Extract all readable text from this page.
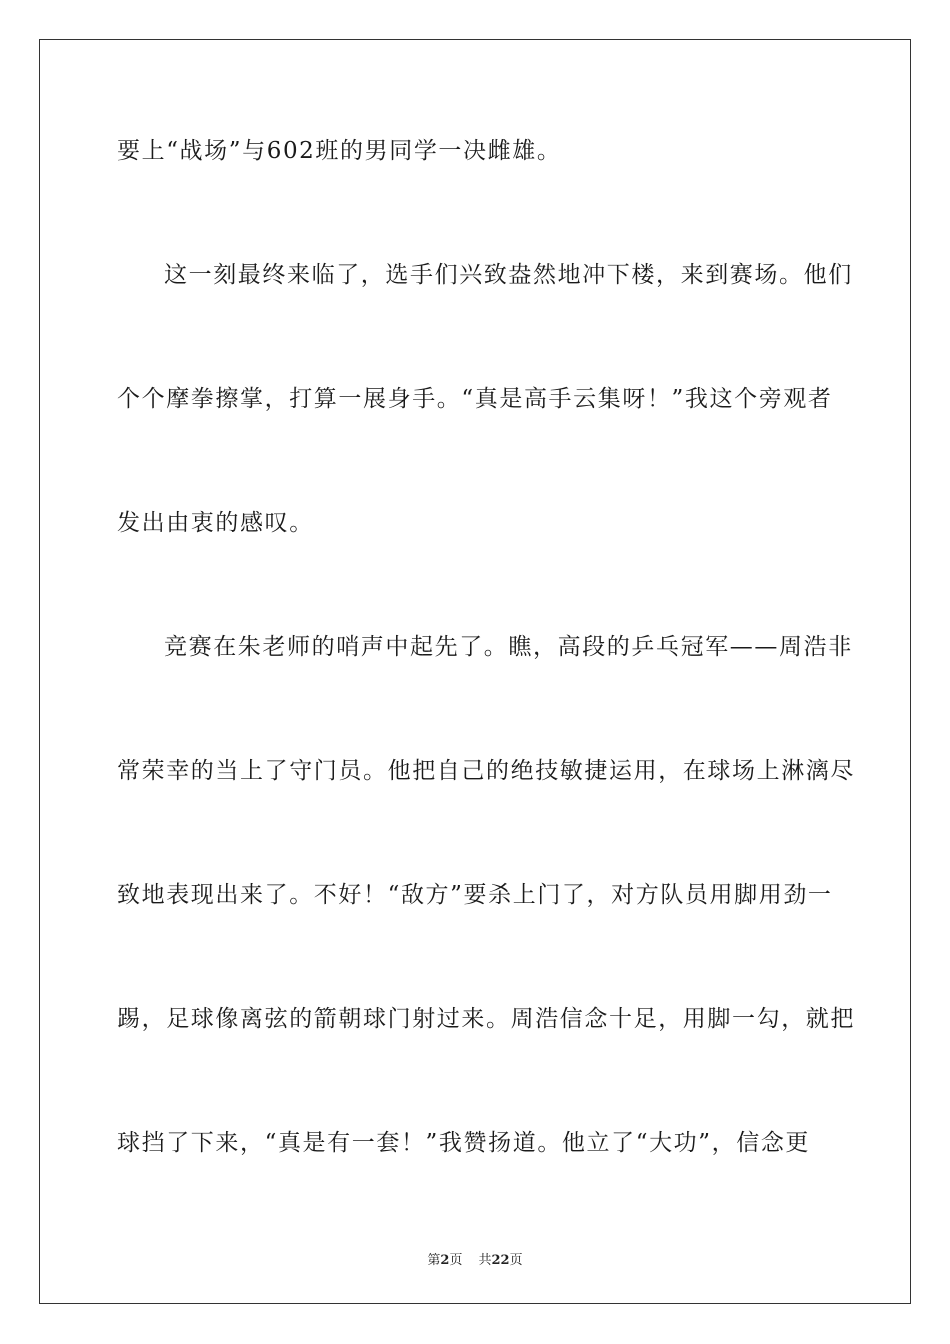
要上“战场”与602班的男同学一决雌雄。
这一刻最终来临了，选手们兴致盎然地冲下楼，来到赛场。他们
个个摩拳擦掌，打算一展身手。“真是高手云集呀！”我这个旁观者
发出由衷的感叹。
竞赛在朱老师的哨声中起先了。瞧，高段的乒乓冠军——周浩非
常荣幸的当上了守门员。他把自己的绝技敏捷运用，在球场上淋漓尽
致地表现出来了。不好！“敌方”要杀上门了，对方队员用脚用劲一
踢，足球像离弦的箭朝球门射过来。周浩信念十足，用脚一勾，就把
球挡了下来，“真是有一套！”我赞扬道。他立了“大功”，信念更
第2页 共22页
